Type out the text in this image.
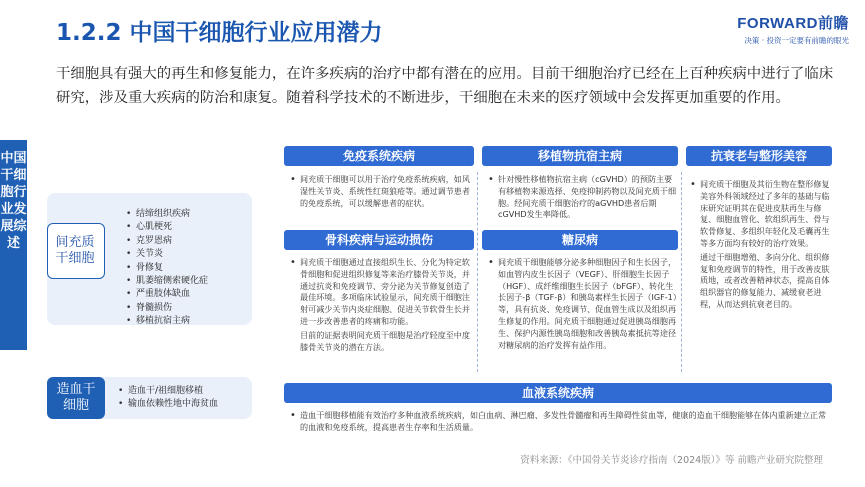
中国干细胞行业发展综述
1.2.2 中国干细胞行业应用潜力	FORWARD前瞻
决策 · 投资一定要有前瞻的眼光
干细胞具有强大的再生和修复能力，在许多疾病的治疗中都有潜在的应用。目前干细胞治疗已经在上百种疾病中进行了临床研究，涉及重大疾病的防治和康复。随着科学技术的不断进步，干细胞在未来的医疗领域中会发挥更加重要的作用。
间充质干细胞
• 结缔组织疾病
• 心肌梗死
• 克罗恩病
• 关节炎
• 骨修复
• 肌萎缩侧索硬化症
• 严重肢体缺血
• 脊髓损伤
• 移植抗宿主病
造血干细胞
• 造血干/祖细胞移植
• 输血依赖性地中海贫血
免疫系统疾病

• 间充质干细胞可以用于治疗免疫系统疾病，如风湿性关节炎、系统性红斑狼疮等。通过调节患者的免疫系统，可以缓解患者的症状。

移植物抗宿主病

• 针对慢性移植物抗宿主病（cGVHD）的预防主要有移植物来源选择、免疫抑制药物以及间充质干细胞。经间充质干细胞治疗的aGVHD患者后期cGVHD发生率降低。

抗衰老与整形美容

• 间充质干细胞及其衍生物在整形修复美容外科领域经过了多年的基础与临床研究证明其在促进皮肤再生与修复、细胞血管化、软组织再生、骨与软骨修复、多组织年轻化及毛囊再生等多方面均有较好的治疗效果。

通过干细胞增殖、多向分化、组织修复和免疫调节的特性，用于改善皮肤质地，或者改善精神状态，提高自体组织器官的修复能力、减缓衰老进程，从而达到抗衰老目的。

骨科疾病与运动损伤

• 间充质干细胞通过直接组织生长、分化为特定软骨细胞和促进组织修复等来治疗膝骨关节炎，并通过抗炎和免疫调节、旁分泌为关节修复创造了最佳环境。多项临床试验显示，间充质干细胞注射可减少关节内炎症细胞、促进关节软骨生长并进一步改善患者的疼痛和功能。

目前的证据表明间充质干细胞是治疗轻度至中度膝骨关节炎的潜在方法。

糖尿病

• 间充质干细胞能够分泌多种细胞因子和生长因子，如血管内皮生长因子（VEGF）、肝细胞生长因子（HGF）、成纤维细胞生长因子（bFGF）、转化生长因子-β（TGF-β）和胰岛素样生长因子（IGF-1）等，具有抗炎、免疫调节、促血管生成以及组织再生修复的作用。间充质干细胞通过促进胰岛细胞再生、保护内源性胰岛细胞和改善胰岛素抵抗等途径对糖尿病的治疗发挥有益作用。

血液系统疾病

• 造血干细胞移植能有效治疗多种血液系统疾病，如白血病、淋巴瘤、多发性骨髓瘤和再生障碍性贫血等，健康的造血干细胞能够在体内重新建立正常的血液和免疫系统，提高患者生存率和生活质量。

资料来源：《中国骨关节炎诊疗指南（2024版）》等 前瞻产业研究院整理
